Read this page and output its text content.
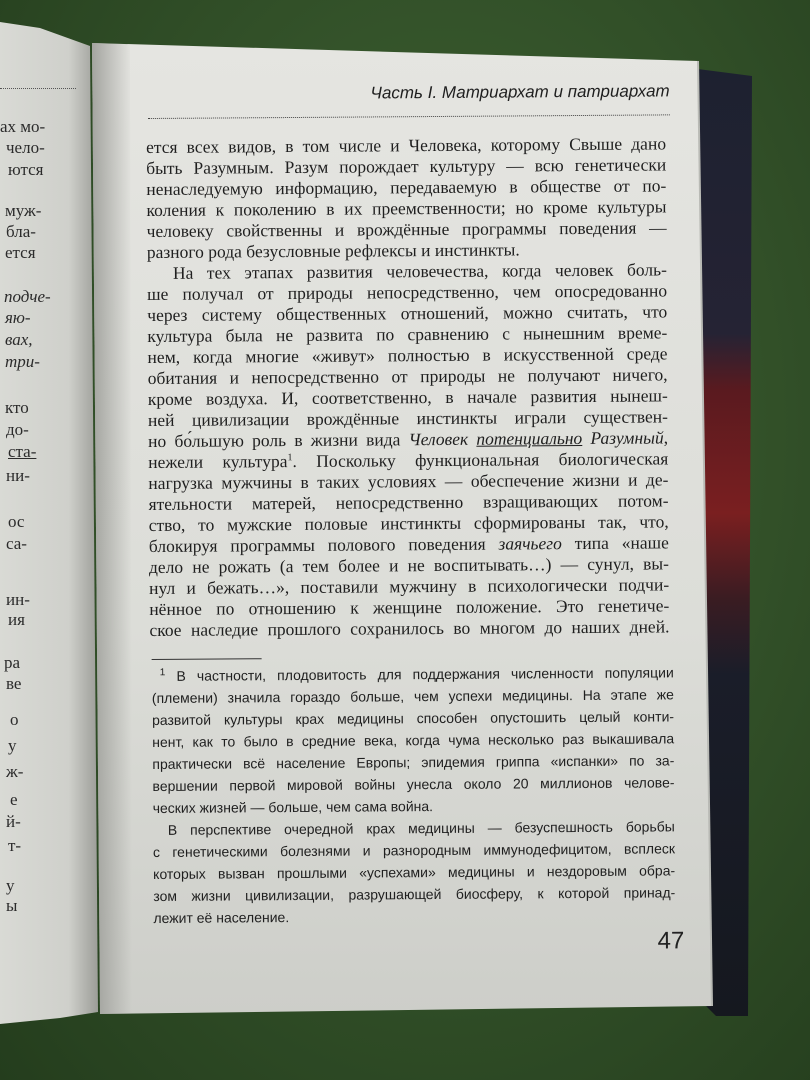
ах мо-
чело-
ются
муж-
бла-
ется
подче-
яю-
вах,
три-
кто
до-
ста-
ни-
ос
са-
ин-
ия
ра
ве
о
у
ж-
е
й-
т-
у
ы
Часть I. Матриархат и патриархат
ется всех видов, в том числе и Человека, которому Свыше дано
быть Разумным. Разум порождает культуру — всю генетически
ненаследуемую информацию, передаваемую в обществе от по-
коления к поколению в их преемственности; но кроме культуры
человеку свойственны и врождённые программы поведения —
разного рода безусловные рефлексы и инстинкты.
На тех этапах развития человечества, когда человек боль-
ше получал от природы непосредственно, чем опосредованно
через систему общественных отношений, можно считать, что
культура была не развита по сравнению с нынешним време-
нем, когда многие «живут» полностью в искусственной среде
обитания и непосредственно от природы не получают ничего,
кроме воздуха. И, соответственно, в начале развития нынеш-
ней цивилизации врождённые инстинкты играли существен-
но бо́льшую роль в жизни вида Человек потенциально Разумный,
нежели культура$^1$. Поскольку функциональная биологическая
нагрузка мужчины в таких условиях — обеспечение жизни и де-
ятельности матерей, непосредственно взращивающих потом-
ство, то мужские половые инстинкты сформированы так, что,
блокируя программы полового поведения заячьего типа «наше
дело не рожать (а тем более и не воспитывать…) — сунул, вы-
нул и бежать…», поставили мужчину в психологически подчи-
нённое по отношению к женщине положение. Это генетиче-
ское наследие прошлого сохранилось во многом до наших дней.
$^1$ В частности, плодовитость для поддержания численности популяции
(племени) значила гораздо больше, чем успехи медицины. На этапе же
развитой культуры крах медицины способен опустошить целый конти-
нент, как то было в средние века, когда чума несколько раз выкашивала
практически всё население Европы; эпидемия гриппа «испанки» по за-
вершении первой мировой войны унесла около 20 миллионов челове-
ческих жизней — больше, чем сама война.
В перспективе очередной крах медицины — безуспешность борьбы
с генетическими болезнями и разнородным иммунодефицитом, всплеск
которых вызван прошлыми «успехами» медицины и нездоровым обра-
зом жизни цивилизации, разрушающей биосферу, к которой принад-
лежит её население.
47
